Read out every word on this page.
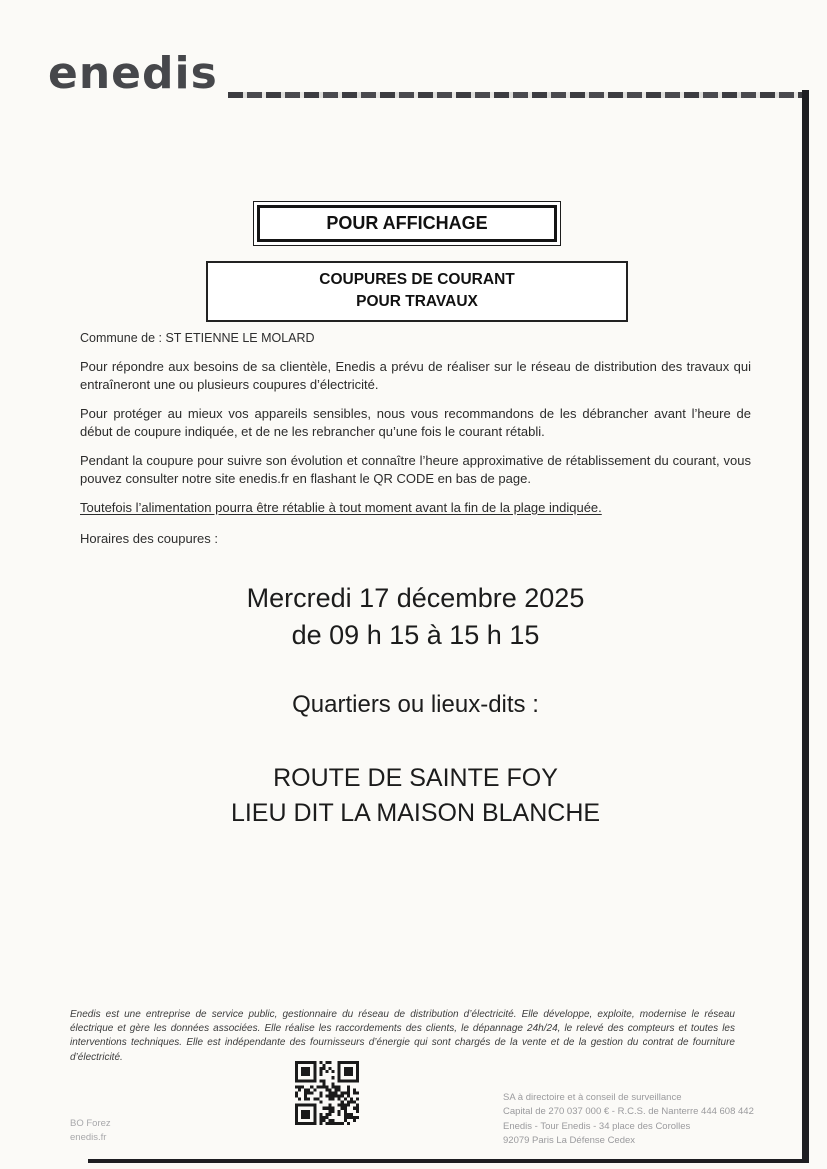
enedis
POUR AFFICHAGE
COUPURES DE COURANT
POUR TRAVAUX

Commune de : ST ETIENNE LE MOLARD

Pour répondre aux besoins de sa clientèle, Enedis a prévu de réaliser sur le réseau de distribution des travaux qui entraîneront une ou plusieurs coupures d’électricité.

Pour protéger au mieux vos appareils sensibles, nous vous recommandons de les débrancher avant l’heure de début de coupure indiquée, et de ne les rebrancher qu’une fois le courant rétabli.

Pendant la coupure pour suivre son évolution et connaître l’heure approximative de rétablissement du courant, vous pouvez consulter notre site enedis.fr en flashant le QR CODE en bas de page.

Toutefois l’alimentation pourra être rétablie à tout moment avant la fin de la plage indiquée.

Horaires des coupures :

Mercredi 17 décembre 2025
de 09 h 15 à 15 h 15
Quartiers ou lieux-dits :
ROUTE DE SAINTE FOY
LIEU DIT LA MAISON BLANCHE
Enedis est une entreprise de service public, gestionnaire du réseau de distribution d’électricité. Elle développe, exploite, modernise le réseau électrique et gère les données associées. Elle réalise les raccordements des clients, le dépannage 24h/24, le relevé des compteurs et toutes les interventions techniques. Elle est indépendante des fournisseurs d’énergie qui sont chargés de la vente et de la gestion du contrat de fourniture d’électricité.
SA à directoire et à conseil de surveillance
Capital de 270 037 000 € - R.C.S. de Nanterre 444 608 442
Enedis - Tour Enedis - 34 place des Corolles
92079 Paris La Défense Cedex
BO Forez
enedis.fr
